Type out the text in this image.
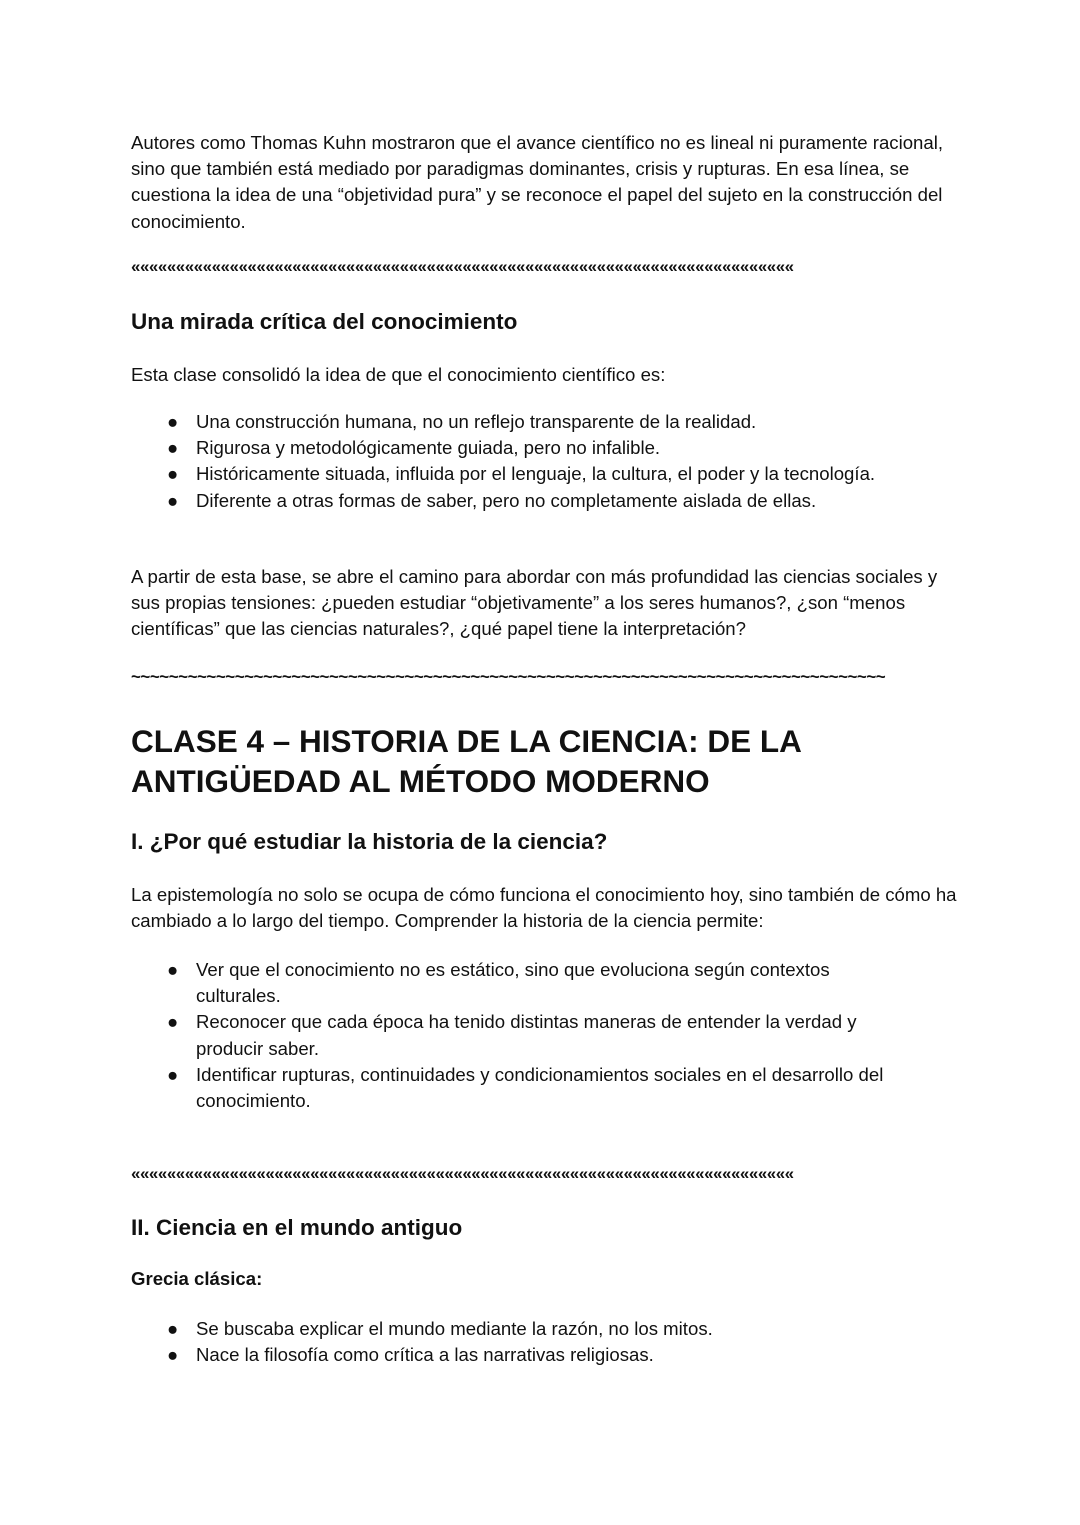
Autores como Thomas Kuhn mostraron que el avance científico no es lineal ni puramente racional, sino que también está mediado por paradigmas dominantes, crisis y rupturas. En esa línea, se cuestiona la idea de una “objetividad pura” y se reconoce el papel del sujeto en la construcción del conocimiento.
««««««««««««««««««««««««««««««««««««««««««««««««««««««««««««««««««««««««««
Una mirada crítica del conocimiento
Esta clase consolidó la idea de que el conocimiento científico es:
● Una construcción humana, no un reflejo transparente de la realidad.
● Rigurosa y metodológicamente guiada, pero no infalible.
● Históricamente situada, influida por el lenguaje, la cultura, el poder y la tecnología.
● Diferente a otras formas de saber, pero no completamente aislada de ellas.
A partir de esta base, se abre el camino para abordar con más profundidad las ciencias sociales y sus propias tensiones: ¿pueden estudiar “objetivamente” a los seres humanos?, ¿son “menos científicas” que las ciencias naturales?, ¿qué papel tiene la interpretación?
~~~~~~~~~~~~~~~~~~~~~~~~~~~~~~~~~~~~~~~~~~~~~~~~~~~~~~~~~~~~~~~~~~~~~~~~~~~~~~~~
CLASE 4 – HISTORIA DE LA CIENCIA: DE LA ANTIGÜEDAD AL MÉTODO MODERNO
I. ¿Por qué estudiar la historia de la ciencia?
La epistemología no solo se ocupa de cómo funciona el conocimiento hoy, sino también de cómo ha cambiado a lo largo del tiempo. Comprender la historia de la ciencia permite:
● Ver que el conocimiento no es estático, sino que evoluciona según contextos culturales.
● Reconocer que cada época ha tenido distintas maneras de entender la verdad y producir saber.
● Identificar rupturas, continuidades y condicionamientos sociales en el desarrollo del conocimiento.
««««««««««««««««««««««««««««««««««««««««««««««««««««««««««««««««««««««««««
II. Ciencia en el mundo antiguo
Grecia clásica:
● Se buscaba explicar el mundo mediante la razón, no los mitos.
● Nace la filosofía como crítica a las narrativas religiosas.
